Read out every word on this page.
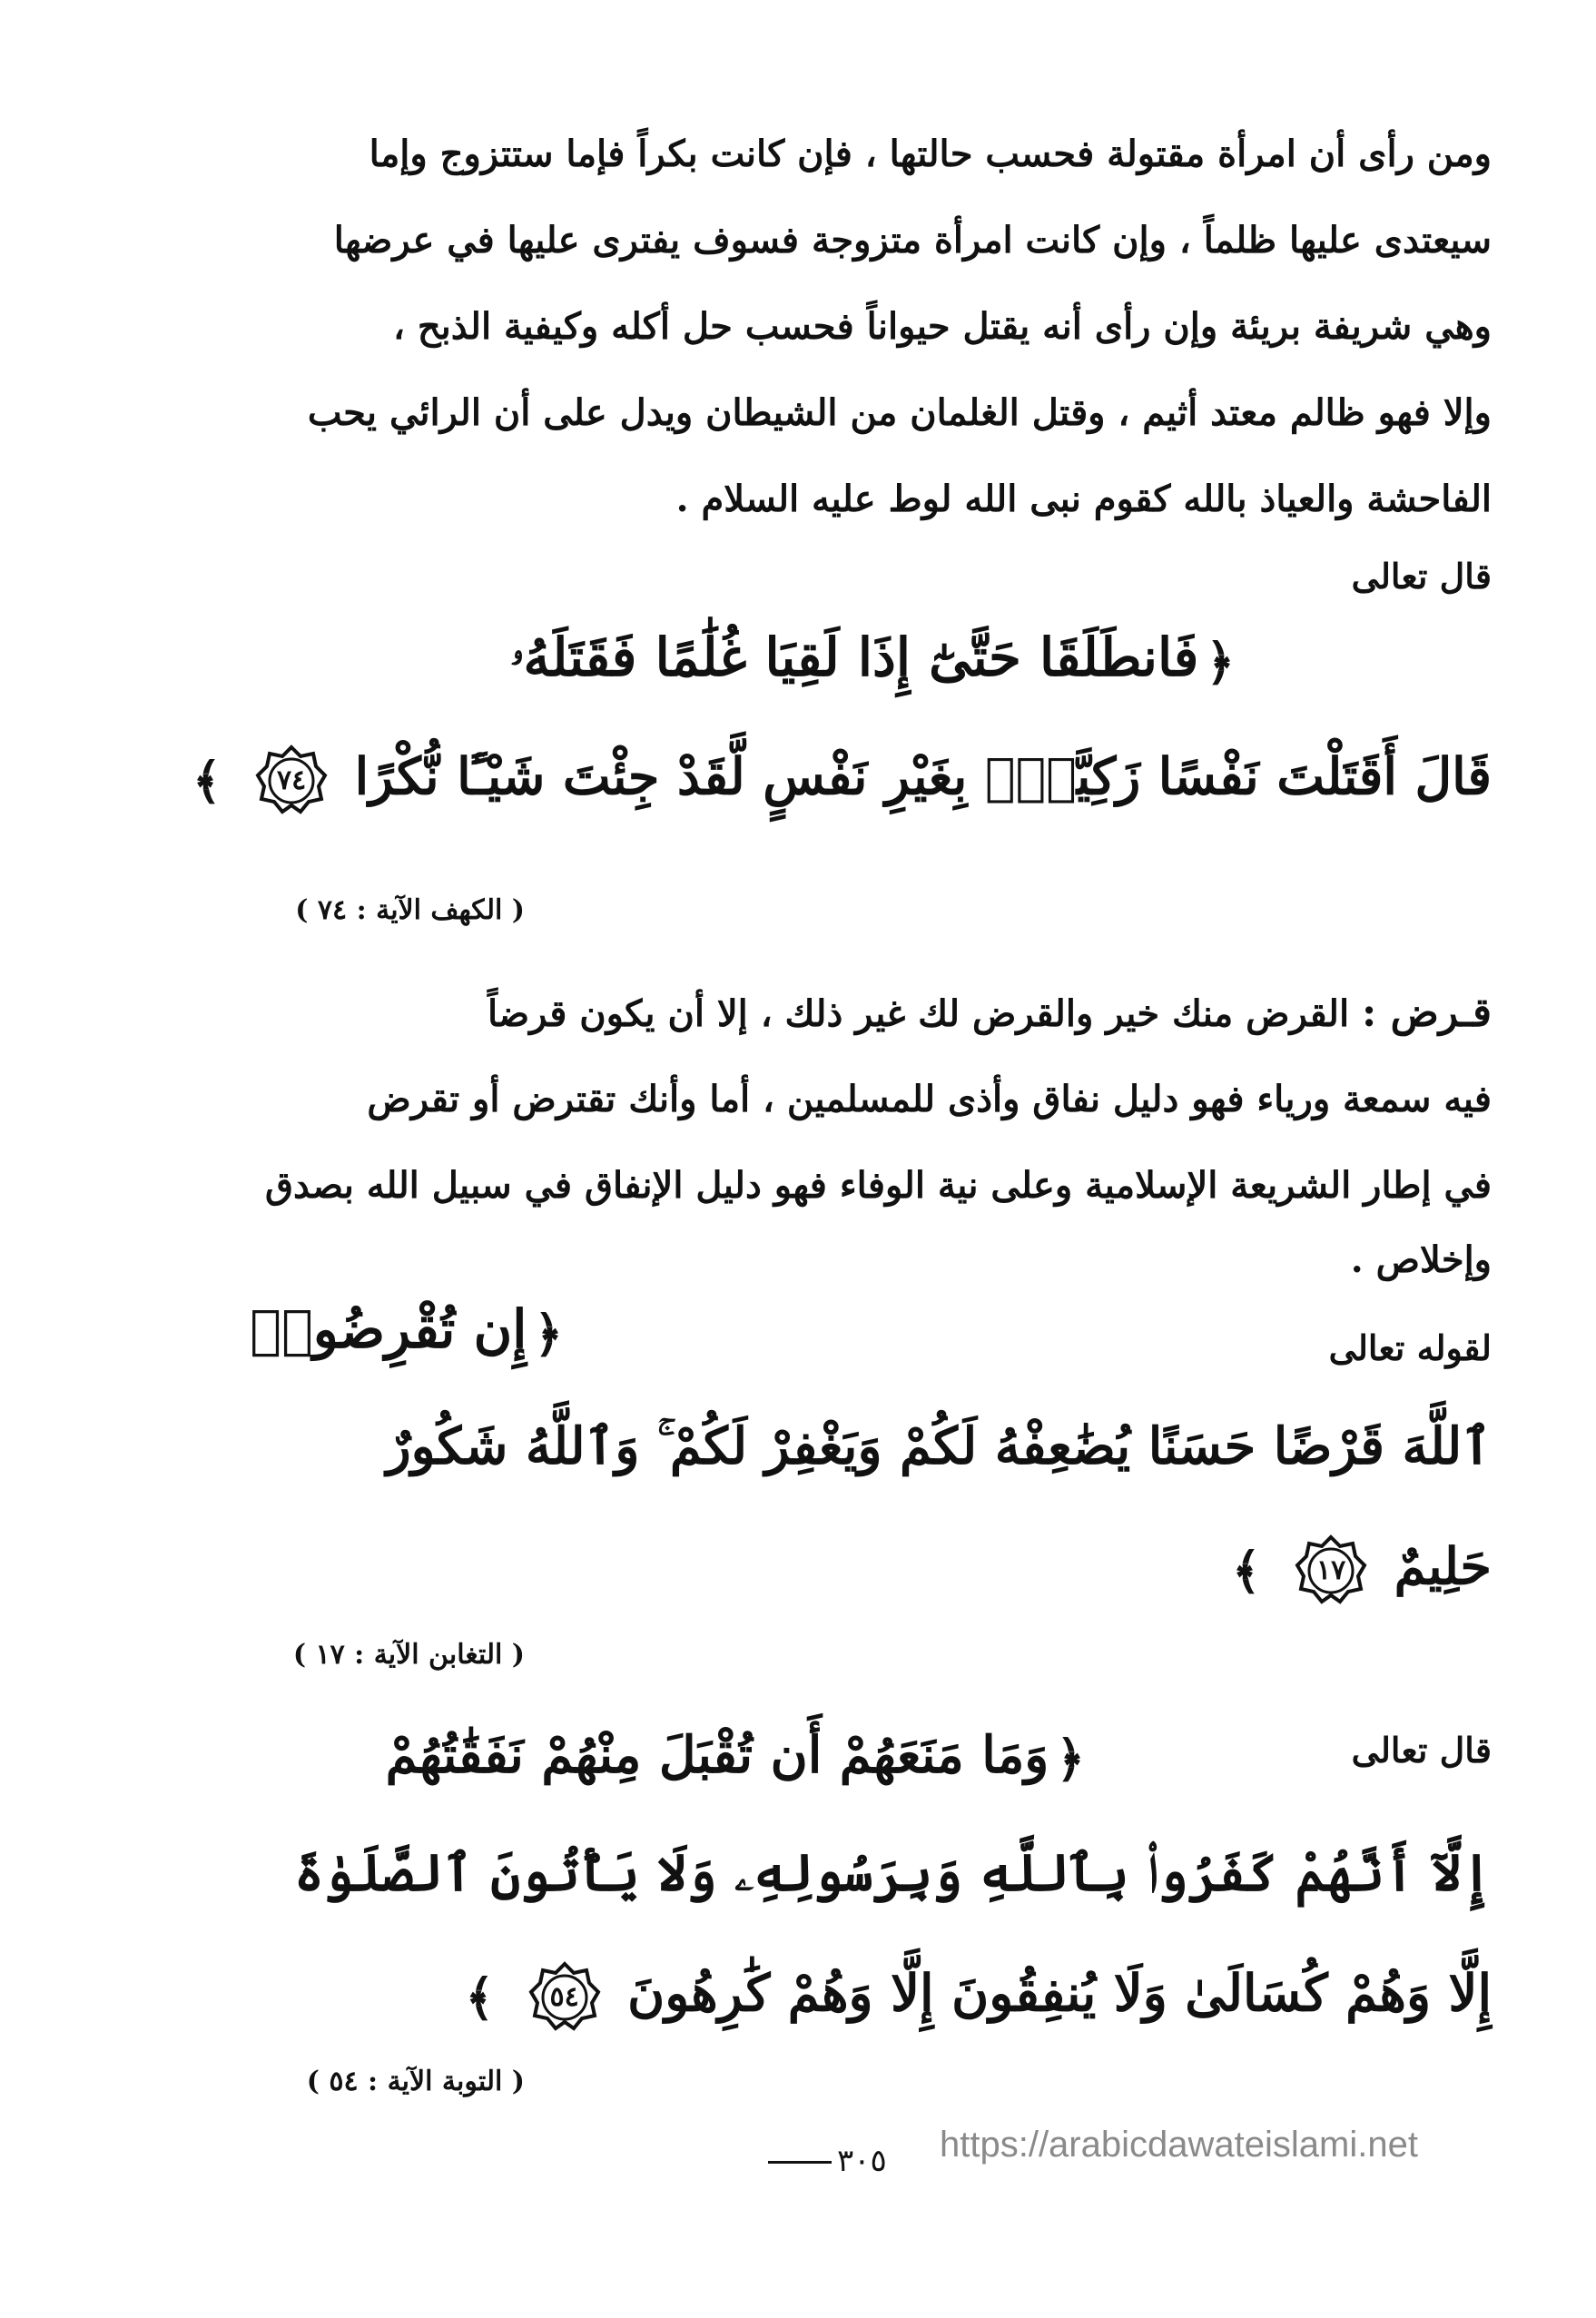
ومن رأى أن امرأة مقتولة فحسب حالتها ، فإن كانت بكراً فإما ستتزوج وإما

سيعتدى عليها ظلماً ، وإن كانت امرأة متزوجة فسوف يفترى عليها في عرضها

وهي شريفة بريئة وإن رأى أنه يقتل حيواناً فحسب حل أكله وكيفية الذبح ،

وإلا فهو ظالم معتد أثيم ، وقتل الغلمان من الشيطان ويدل على أن الرائي يحب

الفاحشة والعياذ بالله كقوم نبى الله لوط عليه السلام .

قال تعالى
﴿فَانطَلَقَا حَتَّىٰٓ إِذَا لَقِيَا غُلَٰمًا فَقَتَلَهُۥ
قَالَ أَقَتَلْتَ نَفْسًا زَكِيَّةًۢ بِغَيْرِ نَفْسٍ لَّقَدْ جِئْتَ شَيْـًٔا نُّكْرًا
٧٤
﴾
( الكهف الآية : ٧٤ )

قـرض : القرض منك خير والقرض لك غير ذلك ، إلا أن يكون قرضاً

فيه سمعة ورياء فهو دليل نفاق وأذى للمسلمين ، أما وأنك تقترض أو تقرض

في إطار الشريعة الإسلامية وعلى نية الوفاء فهو دليل الإنفاق في سبيل الله بصدق

وإخلاص .

لقوله تعالى
﴿إِن تُقْرِضُوا۟
ٱللَّهَ قَرْضًا حَسَنًا يُضَٰعِفْهُ لَكُمْ وَيَغْفِرْ لَكُمْ ۚ وَٱللَّهُ شَكُورٌ
حَلِيمٌ
١٧
﴾
( التغابن الآية : ١٧ )
قال تعالى
﴿وَمَا مَنَعَهُمْ أَن تُقْبَلَ مِنْهُمْ نَفَقَٰتُهُمْ
إِلَّآ أَنَّهُمْ كَفَرُوا۟ بِٱللَّهِ وَبِرَسُولِهِۦ وَلَا يَأْتُونَ ٱلصَّلَوٰةَ
إِلَّا وَهُمْ كُسَالَىٰ وَلَا يُنفِقُونَ إِلَّا وَهُمْ كَٰرِهُونَ
٥٤
﴾
( التوبة الآية : ٥٤ )
٣٠٥ https://arabicdawateislami.net
